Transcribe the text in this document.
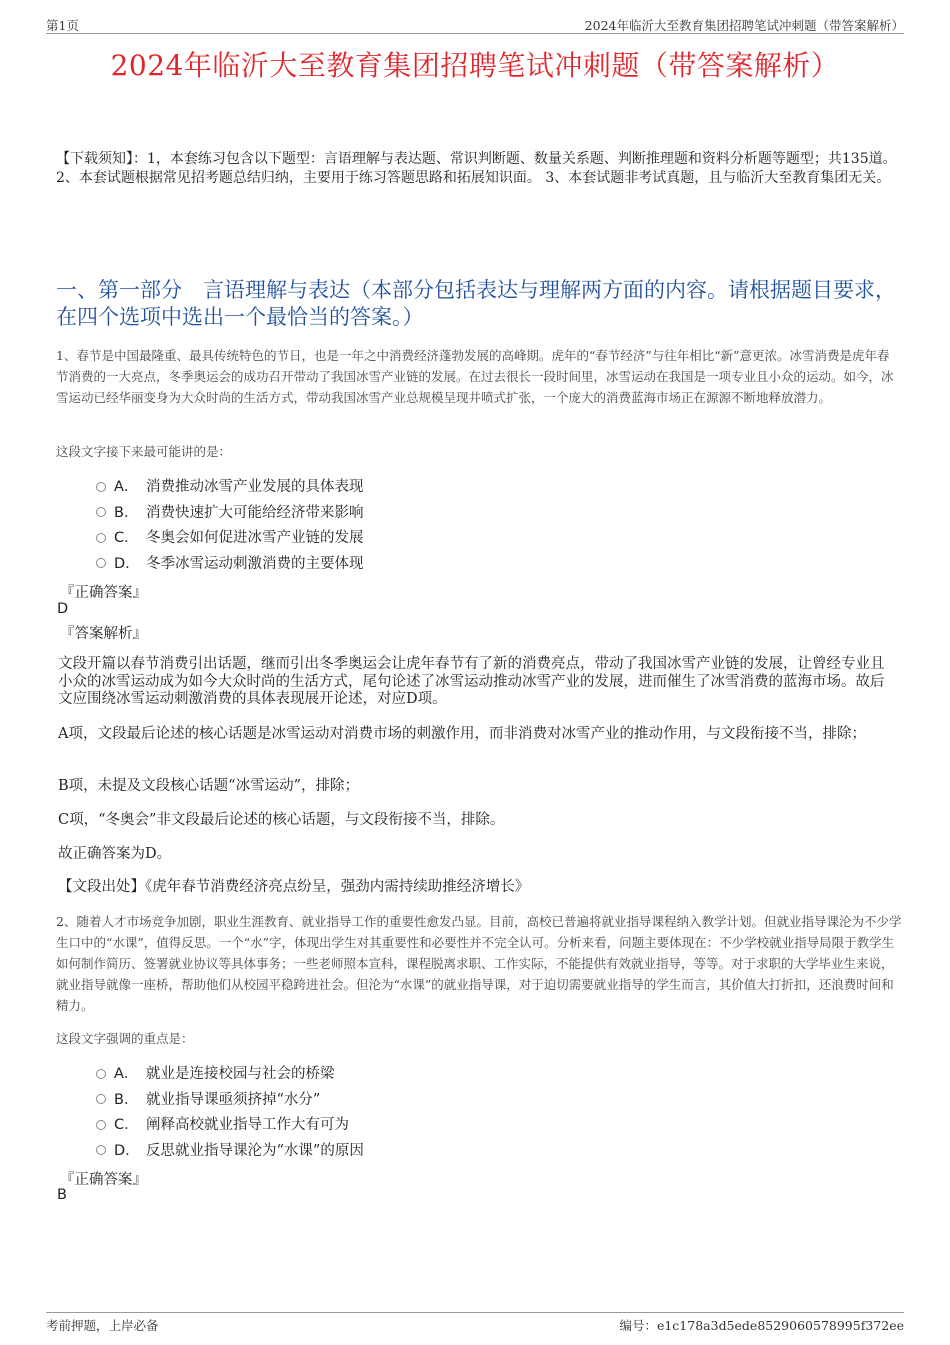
第1页	2024年临沂大至教育集团招聘笔试冲刺题（带答案解析）
2024年临沂大至教育集团招聘笔试冲刺题（带答案解析）
【下载须知】：1，本套练习包含以下题型：言语理解与表达题、常识判断题、数量关系题、判断推理题和资料分析题等题型；共135道。 2、本套试题根据常见招考题总结归纳，主要用于练习答题思路和拓展知识面。 3、本套试题非考试真题，且与临沂大至教育集团无关。
一、第一部分　言语理解与表达（本部分包括表达与理解两方面的内容。请根据题目要求，在四个选项中选出一个最恰当的答案。）
1、春节是中国最隆重、最具传统特色的节日，也是一年之中消费经济蓬勃发展的高峰期。虎年的“春节经济”与往年相比“新”意更浓。冰雪消费是虎年春节消费的一大亮点，冬季奥运会的成功召开带动了我国冰雪产业链的发展。在过去很长一段时间里，冰雪运动在我国是一项专业且小众的运动。如今，冰雪运动已经华丽变身为大众时尚的生活方式，带动我国冰雪产业总规模呈现井喷式扩张，一个庞大的消费蓝海市场正在源源不断地释放潜力。
这段文字接下来最可能讲的是：
A． 消费推动冰雪产业发展的具体表现
B． 消费快速扩大可能给经济带来影响
C． 冬奥会如何促进冰雪产业链的发展
D． 冬季冰雪运动刺激消费的主要体现
『正确答案』
D
『答案解析』
文段开篇以春节消费引出话题，继而引出冬季奥运会让虎年春节有了新的消费亮点，带动了我国冰雪产业链的发展，让曾经专业且小众的冰雪运动成为如今大众时尚的生活方式，尾句论述了冰雪运动推动冰雪产业的发展，进而催生了冰雪消费的蓝海市场。故后文应围绕冰雪运动刺激消费的具体表现展开论述，对应D项。
A项，文段最后论述的核心话题是冰雪运动对消费市场的刺激作用，而非消费对冰雪产业的推动作用，与文段衔接不当，排除；
B项，未提及文段核心话题“冰雪运动”，排除；
C项，“冬奥会”非文段最后论述的核心话题，与文段衔接不当，排除。
故正确答案为D。
【文段出处】《虎年春节消费经济亮点纷呈，强劲内需持续助推经济增长》
2、随着人才市场竞争加剧，职业生涯教育、就业指导工作的重要性愈发凸显。目前，高校已普遍将就业指导课程纳入教学计划。但就业指导课沦为不少学生口中的“水课”，值得反思。一个“水”字，体现出学生对其重要性和必要性并不完全认可。分析来看，问题主要体现在：不少学校就业指导局限于教学生如何制作简历、签署就业协议等具体事务；一些老师照本宣科，课程脱离求职、工作实际，不能提供有效就业指导，等等。对于求职的大学毕业生来说，就业指导就像一座桥，帮助他们从校园平稳跨进社会。但沦为“水课”的就业指导课，对于迫切需要就业指导的学生而言，其价值大打折扣，还浪费时间和精力。
这段文字强调的重点是：
A． 就业是连接校园与社会的桥梁
B． 就业指导课亟须挤掉“水分”
C． 阐释高校就业指导工作大有可为
D． 反思就业指导课沦为“水课”的原因
『正确答案』
B
考前押题，上岸必备	编号：e1c178a3d5ede8529060578995f372ee
